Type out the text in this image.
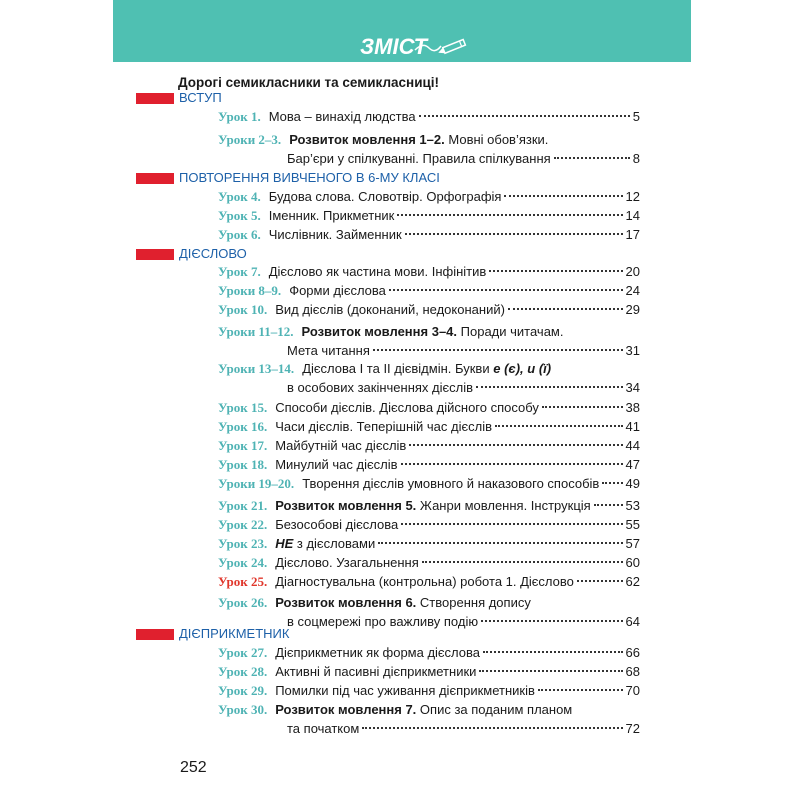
ЗМІСТ
Дорогі семикласники та семикласниці!
ВСТУП
Урок 1. Мова – винахід людства	5
Уроки 2–3. Розвиток мовлення 1–2.
Мовні обов’язки.
Бар’єри у спілкуванні. Правила спілкування	8
ПОВТОРЕННЯ ВИВЧЕНОГО В 6-МУ КЛАСІ
Урок 4. Будова слова. Словотвір. Орфографія	12
Урок 5. Іменник. Прикметник	14
Урок 6. Числівник. Займенник	17
ДІЄСЛОВО
Урок 7. Дієслово як частина мови. Інфінітив	20
Уроки 8–9. Форми дієслова	24
Урок 10. Вид дієслів (доконаний, недоконаний)	29
Уроки 11–12. Розвиток мовлення 3–4.
Поради читачам.
Мета читання	31
Уроки 13–14. Дієслова I та II дієвідмін. Букви
е (є), и (ї)
в особових закінченнях дієслів	34
Урок 15. Способи дієслів. Дієслова дійсного способу	38
Урок 16. Часи дієслів. Теперішній час дієслів	41
Урок 17. Майбутній час дієслів	44
Урок 18. Минулий час дієслів	47
Уроки 19–20. Творення дієслів умовного й наказового способів 49
Урок 21. Розвиток мовлення 5.
Жанри мовлення. Інструкція	53
Урок 22. Безособові дієслова	55
Урок 23. НЕ
з дієсловами	57
Урок 24. Дієслово. Узагальнення	60
Урок 25. Діагностувальна (контрольна) робота 1. Дієслово	62
Урок 26. Розвиток мовлення 6.
Створення допису
в соцмережі про важливу подію	64
ДІЄПРИКМЕТНИК
Урок 27. Дієприкметник як форма дієслова	66
Урок 28. Активні й пасивні дієприкметники	68
Урок 29. Помилки під час уживання дієприкметників	70
Урок 30. Розвиток мовлення 7.
Опис за поданим планом
та початком	72
252
